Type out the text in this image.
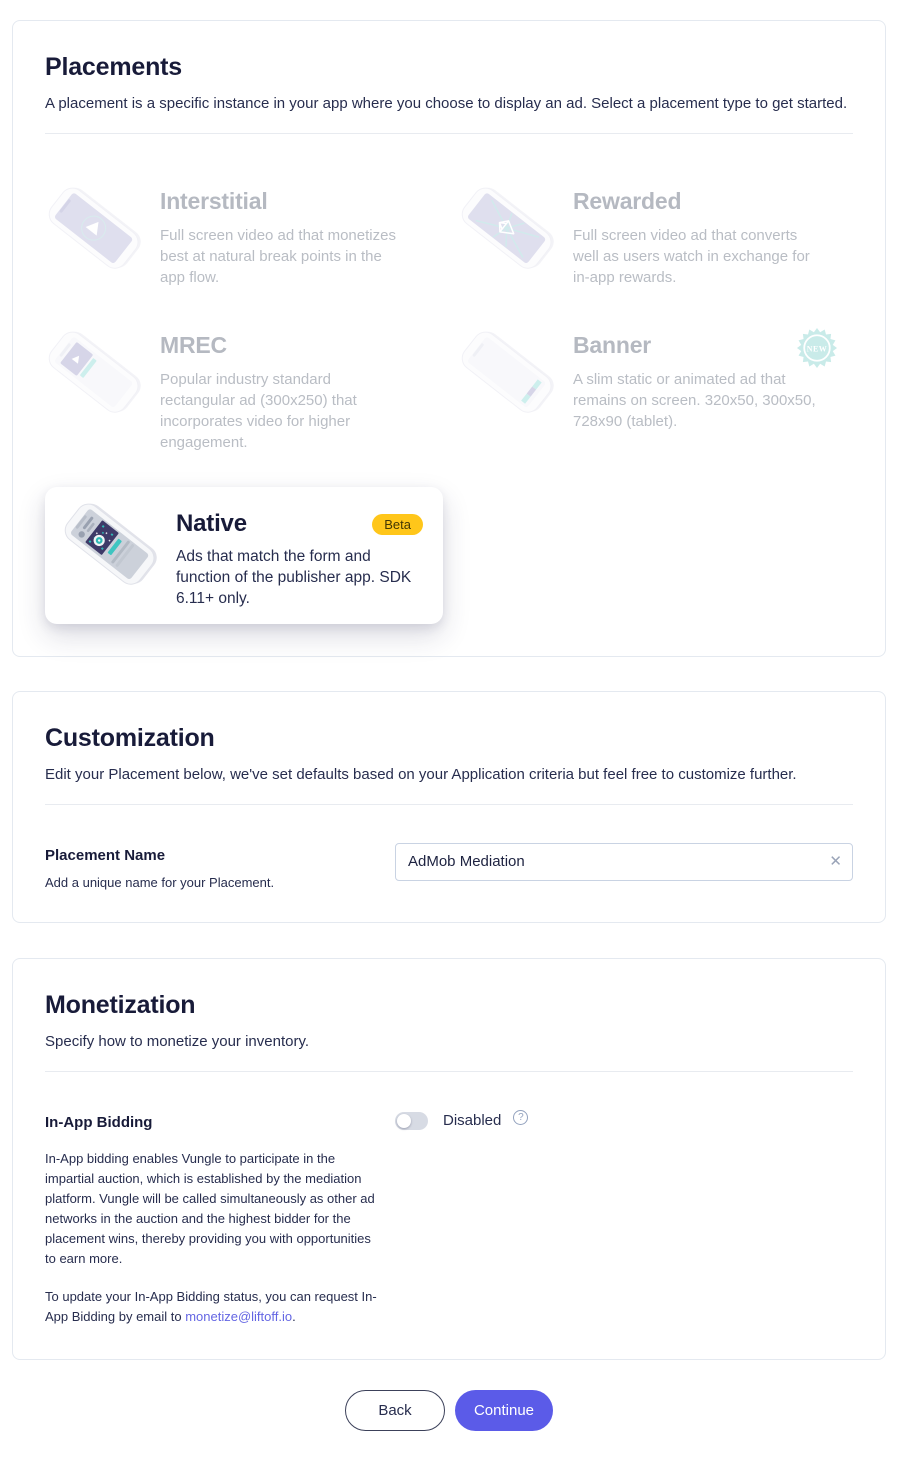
Placements

A placement is a specific instance in your app where you choose to display an ad. Select a placement type to get started.

Interstitial
Full screen video ad that monetizes best at natural break points in the app flow.
Rewarded
Full screen video ad that converts well as users watch in exchange for in-app rewards.
MREC
Popular industry standard rectangular ad (300x250) that incorporates video for higher engagement.
Banner
A slim static or animated ad that remains on screen. 320x50, 300x50, 728x90 (tablet).
NEW
Native	Beta
Ads that match the form and function of the publisher app. SDK 6.11+ only.
Customization

Edit your Placement below, we've set defaults based on your Application criteria but feel free to customize further.

Placement Name
Add a unique name for your Placement.
AdMob Mediation
✕
Monetization

Specify how to monetize your inventory.

In-App Bidding

In-App bidding enables Vungle to participate in the impartial auction, which is established by the mediation platform. Vungle will be called simultaneously as other ad networks in the auction and the highest bidder for the placement wins, thereby providing you with opportunities to earn more.

To update your In-App Bidding status, you can request In-App Bidding by email to monetize@liftoff.io.

Disabled	?
Back	Continue
